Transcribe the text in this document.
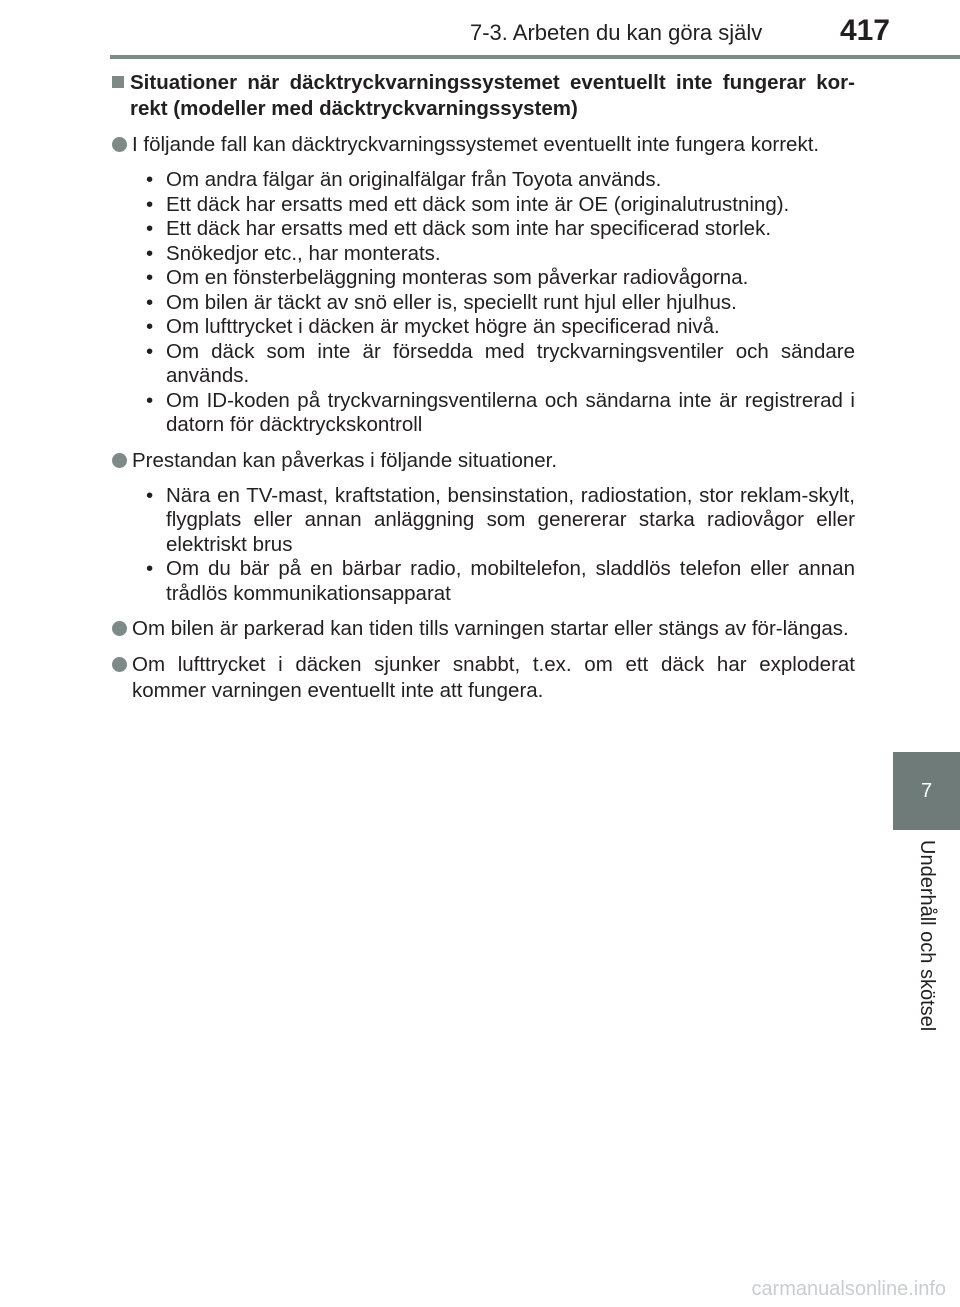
7-3. Arbeten du kan göra själv	417
7
Underhåll och skötsel
Situationer när däcktryckvarningssystemet eventuellt inte fungerar kor-rekt (modeller med däcktryckvarningssystem)
I följande fall kan däcktryckvarningssystemet eventuellt inte fungera korrekt.
• Om andra fälgar än originalfälgar från Toyota används.
• Ett däck har ersatts med ett däck som inte är OE (originalutrustning).
• Ett däck har ersatts med ett däck som inte har specificerad storlek.
• Snökedjor etc., har monterats.
• Om en fönsterbeläggning monteras som påverkar radiovågorna.
• Om bilen är täckt av snö eller is, speciellt runt hjul eller hjulhus.
• Om lufttrycket i däcken är mycket högre än specificerad nivå.
• Om däck som inte är försedda med tryckvarningsventiler och sändare används.
• Om ID-koden på tryckvarningsventilerna och sändarna inte är registrerad i datorn för däcktryckskontroll
Prestandan kan påverkas i följande situationer.
• Nära en TV-mast, kraftstation, bensinstation, radiostation, stor reklam-skylt, flygplats eller annan anläggning som genererar starka radiovågor eller elektriskt brus
• Om du bär på en bärbar radio, mobiltelefon, sladdlös telefon eller annan trådlös kommunikationsapparat
Om bilen är parkerad kan tiden tills varningen startar eller stängs av för-längas.
Om lufttrycket i däcken sjunker snabbt, t.ex. om ett däck har exploderat kommer varningen eventuellt inte att fungera.
carmanualsonline.info
